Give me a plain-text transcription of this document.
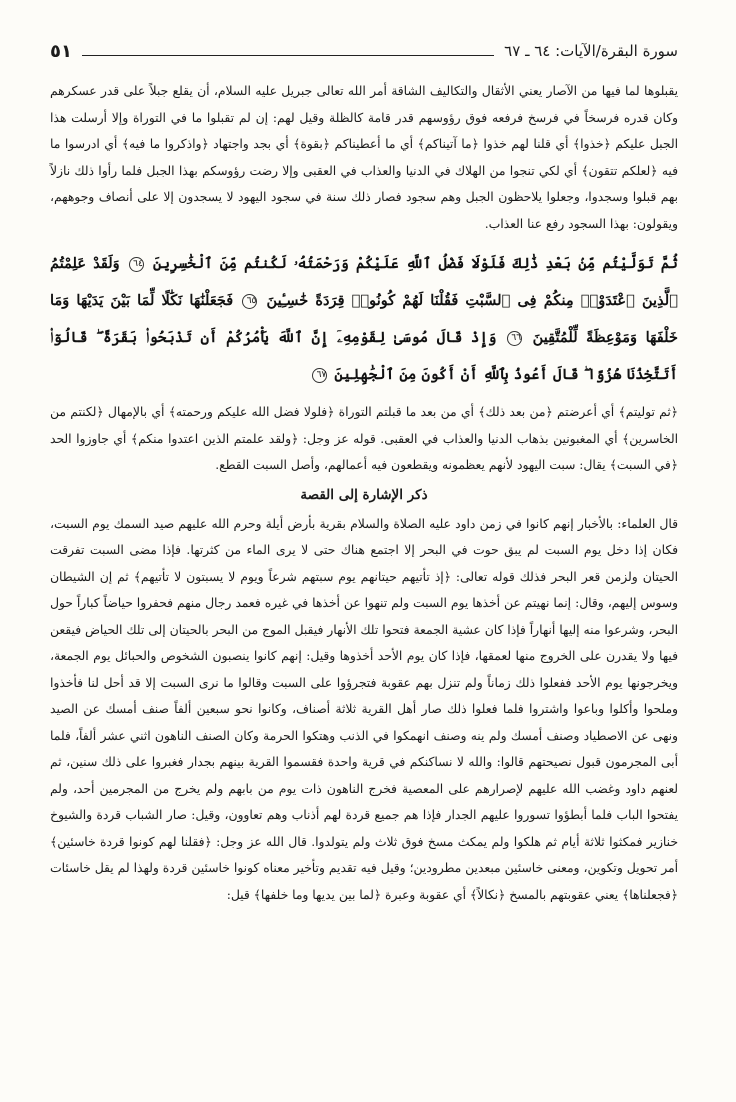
سورة البقرة/الآيات: ٦٤ ـ ٦٧
٥١

يقبلوها لما فيها من الآصار يعني الأثقال والتكاليف الشاقة أمر الله تعالى جبريل عليه السلام، أن يقلع جبلاً على قدر عسكرهم وكان قدره فرسخاً في فرسخ فرفعه فوق رؤوسهم قدر قامة كالظلة وقيل لهم: إن لم تقبلوا ما في التوراة وإلا أرسلت هذا الجبل عليكم ﴿خذوا﴾ أي قلنا لهم خذوا ﴿ما آتيناكم﴾ أي ما أعطيناكم ﴿بقوة﴾ أي بجد واجتهاد ﴿واذكروا ما فيه﴾ أي ادرسوا ما فيه ﴿لعلكم تتقون﴾ أي لكي تنجوا من الهلاك في الدنيا والعذاب في العقبى وإلا رضت رؤوسكم بهذا الجبل فلما رأوا ذلك نازلاً بهم قبلوا وسجدوا، وجعلوا يلاحظون الجبل وهم سجود فصار ذلك سنة في سجود اليهود لا يسجدون إلا على أنصاف وجوههم، ويقولون: بهذا السجود رفع عنا العذاب.

ثُمَّ تَوَلَّيْتُم مِّنۢ بَعْدِ ذَٰلِكَ فَلَوْلَا فَضْلُ ٱللَّهِ عَلَيْكُمْ وَرَحْمَتُهُۥ لَكُنتُم مِّنَ ٱلْخَٰسِرِينَ ٦٤ وَلَقَدْ عَلِمْتُمُ ٱلَّذِينَ ٱعْتَدَوْا۟ مِنكُمْ فِى ٱلسَّبْتِ فَقُلْنَا لَهُمْ كُونُوا۟ قِرَدَةً خَٰسِـِٔينَ ٦٥ فَجَعَلْنَٰهَا نَكَٰلًا لِّمَا بَيْنَ يَدَيْهَا وَمَا خَلْفَهَا وَمَوْعِظَةً لِّلْمُتَّقِينَ ٦٦ وَإِذْ قَالَ مُوسَىٰ لِقَوْمِهِۦٓ إِنَّ ٱللَّهَ يَأْمُرُكُمْ أَن تَذْبَحُوا۟ بَقَرَةً ۖ قَالُوٓا۟ أَتَتَّخِذُنَا هُزُوًا ۖ قَالَ أَعُوذُ بِٱللَّهِ أَنْ أَكُونَ مِنَ ٱلْجَٰهِلِينَ ٦٧

﴿ثم توليتم﴾ أي أعرضتم ﴿من بعد ذلك﴾ أي من بعد ما قبلتم التوراة ﴿فلولا فضل الله عليكم ورحمته﴾ أي بالإمهال ﴿لكنتم من الخاسرين﴾ أي المغبونين بذهاب الدنيا والعذاب في العقبى. قوله عز وجل: ﴿ولقد علمتم الذين اعتدوا منكم﴾ أي جاوزوا الحد ﴿في السبت﴾ يقال: سبت اليهود لأنهم يعظمونه ويقطعون فيه أعمالهم، وأصل السبت القطع.

ذكر الإشارة إلى القصة

قال العلماء: بالأخبار إنهم كانوا في زمن داود عليه الصلاة والسلام بقرية بأرض أيلة وحرم الله عليهم صيد السمك يوم السبت، فكان إذا دخل يوم السبت لم يبق حوت في البحر إلا اجتمع هناك حتى لا يرى الماء من كثرتها. فإذا مضى السبت تفرقت الحيتان ولزمن قعر البحر فذلك قوله تعالى: ﴿إذ تأتيهم حيتانهم يوم سبتهم شرعاً ويوم لا يسبتون لا تأتيهم﴾ ثم إن الشيطان وسوس إليهم، وقال: إنما نهيتم عن أخذها يوم السبت ولم تنهوا عن أخذها في غيره فعمد رجال منهم فحفروا حياضاً كباراً حول البحر، وشرعوا منه إليها أنهاراً فإذا كان عشية الجمعة فتحوا تلك الأنهار فيقبل الموج من البحر بالحيتان إلى تلك الحياض فيقعن فيها ولا يقدرن على الخروج منها لعمقها، فإذا كان يوم الأحد أخذوها وقيل: إنهم كانوا ينصبون الشخوص والحبائل يوم الجمعة، ويخرجونها يوم الأحد ففعلوا ذلك زماناً ولم تنزل بهم عقوبة فتجرؤوا على السبت وقالوا ما نرى السبت إلا قد أحل لنا فأخذوا وملحوا وأكلوا وباعوا واشتروا فلما فعلوا ذلك صار أهل القرية ثلاثة أصناف، وكانوا نحو سبعين ألفاً صنف أمسك عن الصيد ونهى عن الاصطياد وصنف أمسك ولم ينه وصنف انهمكوا في الذنب وهتكوا الحرمة وكان الصنف الناهون اثني عشر ألفاً، فلما أبى المجرمون قبول نصيحتهم قالوا: والله لا نساكنكم في قرية واحدة فقسموا القرية بينهم بجدار فغبروا على ذلك سنين، ثم لعنهم داود وغضب الله عليهم لإصرارهم على المعصية فخرج الناهون ذات يوم من بابهم ولم يخرج من المجرمين أحد، ولم يفتحوا الباب فلما أبطؤوا تسوروا عليهم الجدار فإذا هم جميع قردة لهم أذناب وهم تعاوون، وقيل: صار الشباب قردة والشيوخ خنازير فمكثوا ثلاثة أيام ثم هلكوا ولم يمكث مسخ فوق ثلاث ولم يتولدوا. قال الله عز وجل: ﴿فقلنا لهم كونوا قردة خاسئين﴾ أمر تحويل وتكوين، ومعنى خاسئين مبعدين مطرودين؛ وقيل فيه تقديم وتأخير معناه كونوا خاسئين قردة ولهذا لم يقل خاسئات ﴿فجعلناها﴾ يعني عقوبتهم بالمسخ ﴿نكالاً﴾ أي عقوبة وعبرة ﴿لما بين يديها وما خلفها﴾ قيل:
